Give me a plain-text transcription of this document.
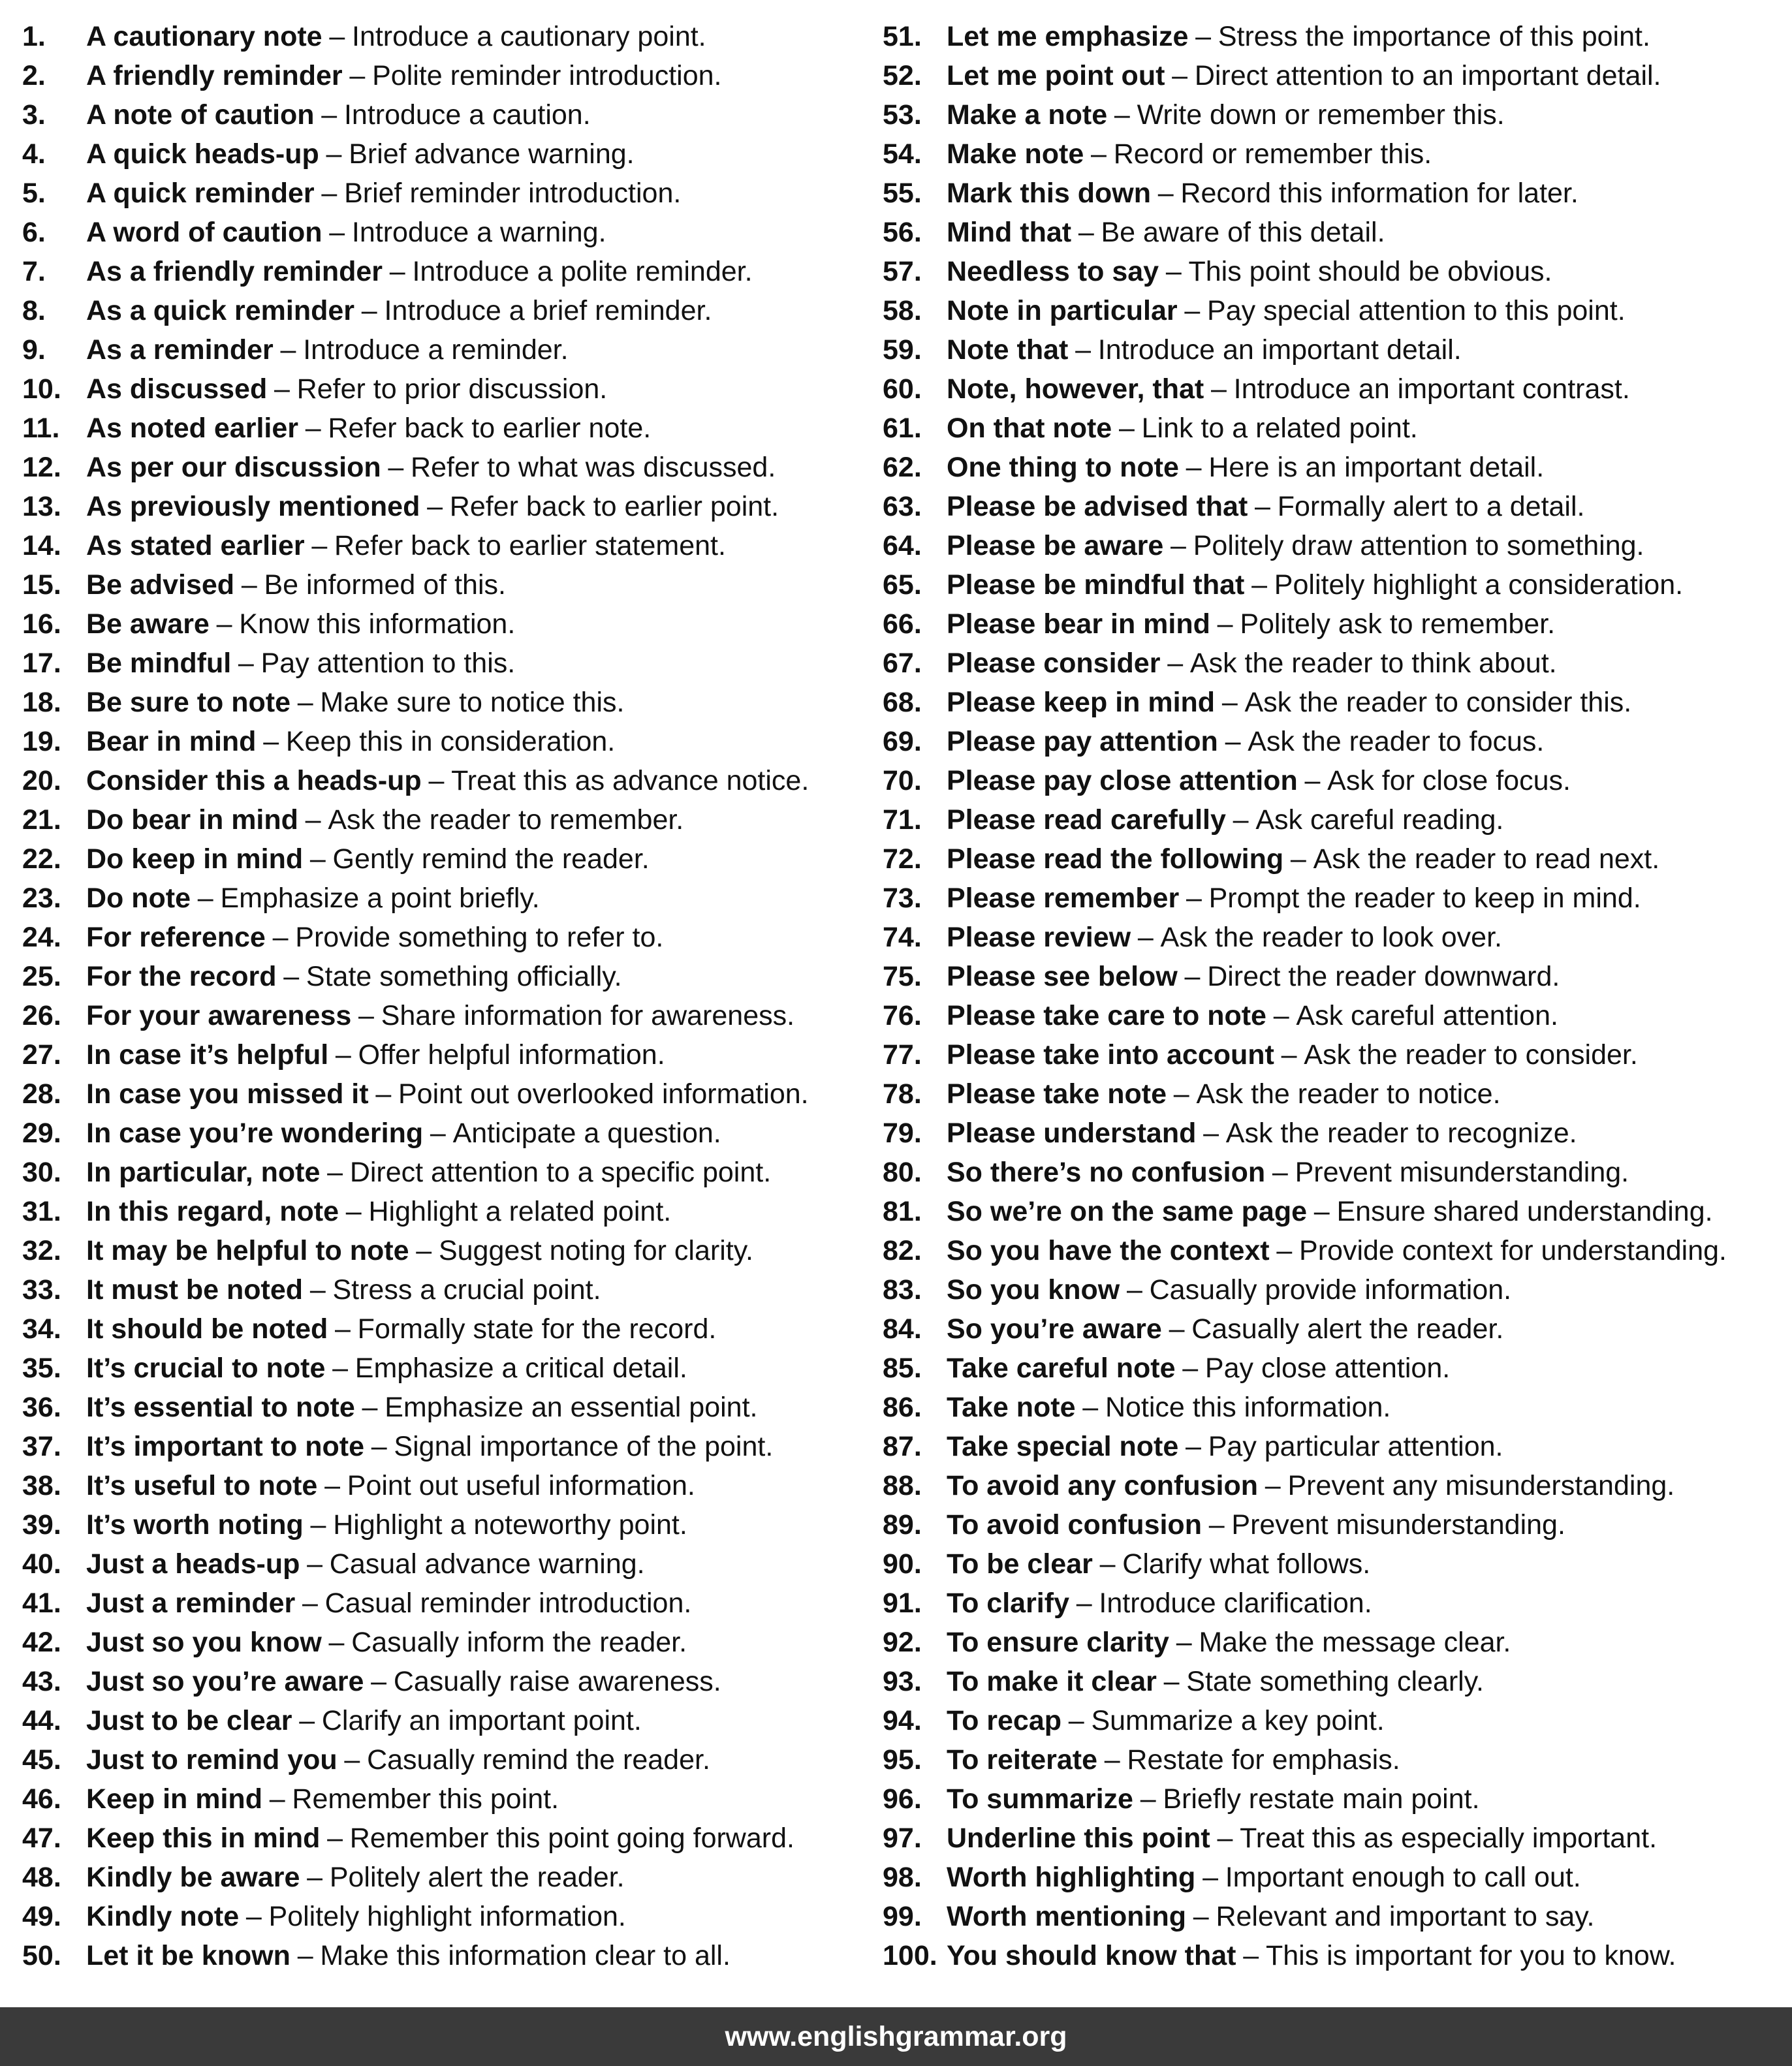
1.	A cautionary note – Introduce a cautionary point.
2.	A friendly reminder – Polite reminder introduction.
3.	A note of caution – Introduce a caution.
4.	A quick heads-up – Brief advance warning.
5.	A quick reminder – Brief reminder introduction.
6.	A word of caution – Introduce a warning.
7.	As a friendly reminder – Introduce a polite reminder.
8.	As a quick reminder – Introduce a brief reminder.
9.	As a reminder – Introduce a reminder.
10. As discussed – Refer to prior discussion.
11. As noted earlier – Refer back to earlier note.
12. As per our discussion – Refer to what was discussed.
13. As previously mentioned – Refer back to earlier point.
14. As stated earlier – Refer back to earlier statement.
15. Be advised – Be informed of this.
16. Be aware – Know this information.
17. Be mindful – Pay attention to this.
18. Be sure to note – Make sure to notice this.
19. Bear in mind – Keep this in consideration.
20. Consider this a heads-up – Treat this as advance notice.
21. Do bear in mind – Ask the reader to remember.
22. Do keep in mind – Gently remind the reader.
23. Do note – Emphasize a point briefly.
24. For reference – Provide something to refer to.
25. For the record – State something officially.
26. For your awareness – Share information for awareness.
27. In case it’s helpful – Offer helpful information.
28. In case you missed it – Point out overlooked information.
29. In case you’re wondering – Anticipate a question.
30. In particular, note – Direct attention to a specific point.
31. In this regard, note – Highlight a related point.
32. It may be helpful to note – Suggest noting for clarity.
33. It must be noted – Stress a crucial point.
34. It should be noted – Formally state for the record.
35. It’s crucial to note – Emphasize a critical detail.
36. It’s essential to note – Emphasize an essential point.
37. It’s important to note – Signal importance of the point.
38. It’s useful to note – Point out useful information.
39. It’s worth noting – Highlight a noteworthy point.
40. Just a heads-up – Casual advance warning.
41. Just a reminder – Casual reminder introduction.
42. Just so you know – Casually inform the reader.
43. Just so you’re aware – Casually raise awareness.
44. Just to be clear – Clarify an important point.
45. Just to remind you – Casually remind the reader.
46. Keep in mind – Remember this point.
47. Keep this in mind – Remember this point going forward.
48. Kindly be aware – Politely alert the reader.
49. Kindly note – Politely highlight information.
50. Let it be known – Make this information clear to all.
51. Let me emphasize – Stress the importance of this point.
52. Let me point out – Direct attention to an important detail.
53. Make a note – Write down or remember this.
54. Make note – Record or remember this.
55. Mark this down – Record this information for later.
56. Mind that – Be aware of this detail.
57. Needless to say – This point should be obvious.
58. Note in particular – Pay special attention to this point.
59. Note that – Introduce an important detail.
60. Note, however, that – Introduce an important contrast.
61. On that note – Link to a related point.
62. One thing to note – Here is an important detail.
63. Please be advised that – Formally alert to a detail.
64. Please be aware – Politely draw attention to something.
65. Please be mindful that – Politely highlight a consideration.
66. Please bear in mind – Politely ask to remember.
67. Please consider – Ask the reader to think about.
68. Please keep in mind – Ask the reader to consider this.
69. Please pay attention – Ask the reader to focus.
70. Please pay close attention – Ask for close focus.
71. Please read carefully – Ask careful reading.
72. Please read the following – Ask the reader to read next.
73. Please remember – Prompt the reader to keep in mind.
74. Please review – Ask the reader to look over.
75. Please see below – Direct the reader downward.
76. Please take care to note – Ask careful attention.
77. Please take into account – Ask the reader to consider.
78. Please take note – Ask the reader to notice.
79. Please understand – Ask the reader to recognize.
80. So there’s no confusion – Prevent misunderstanding.
81. So we’re on the same page – Ensure shared understanding.
82. So you have the context – Provide context for understanding.
83. So you know – Casually provide information.
84. So you’re aware – Casually alert the reader.
85. Take careful note – Pay close attention.
86. Take note – Notice this information.
87. Take special note – Pay particular attention.
88. To avoid any confusion – Prevent any misunderstanding.
89. To avoid confusion – Prevent misunderstanding.
90. To be clear – Clarify what follows.
91. To clarify – Introduce clarification.
92. To ensure clarity – Make the message clear.
93. To make it clear – State something clearly.
94. To recap – Summarize a key point.
95. To reiterate – Restate for emphasis.
96. To summarize – Briefly restate main point.
97. Underline this point – Treat this as especially important.
98. Worth highlighting – Important enough to call out.
99. Worth mentioning – Relevant and important to say.
100. You should know that – This is important for you to know.
www.englishgrammar.org
